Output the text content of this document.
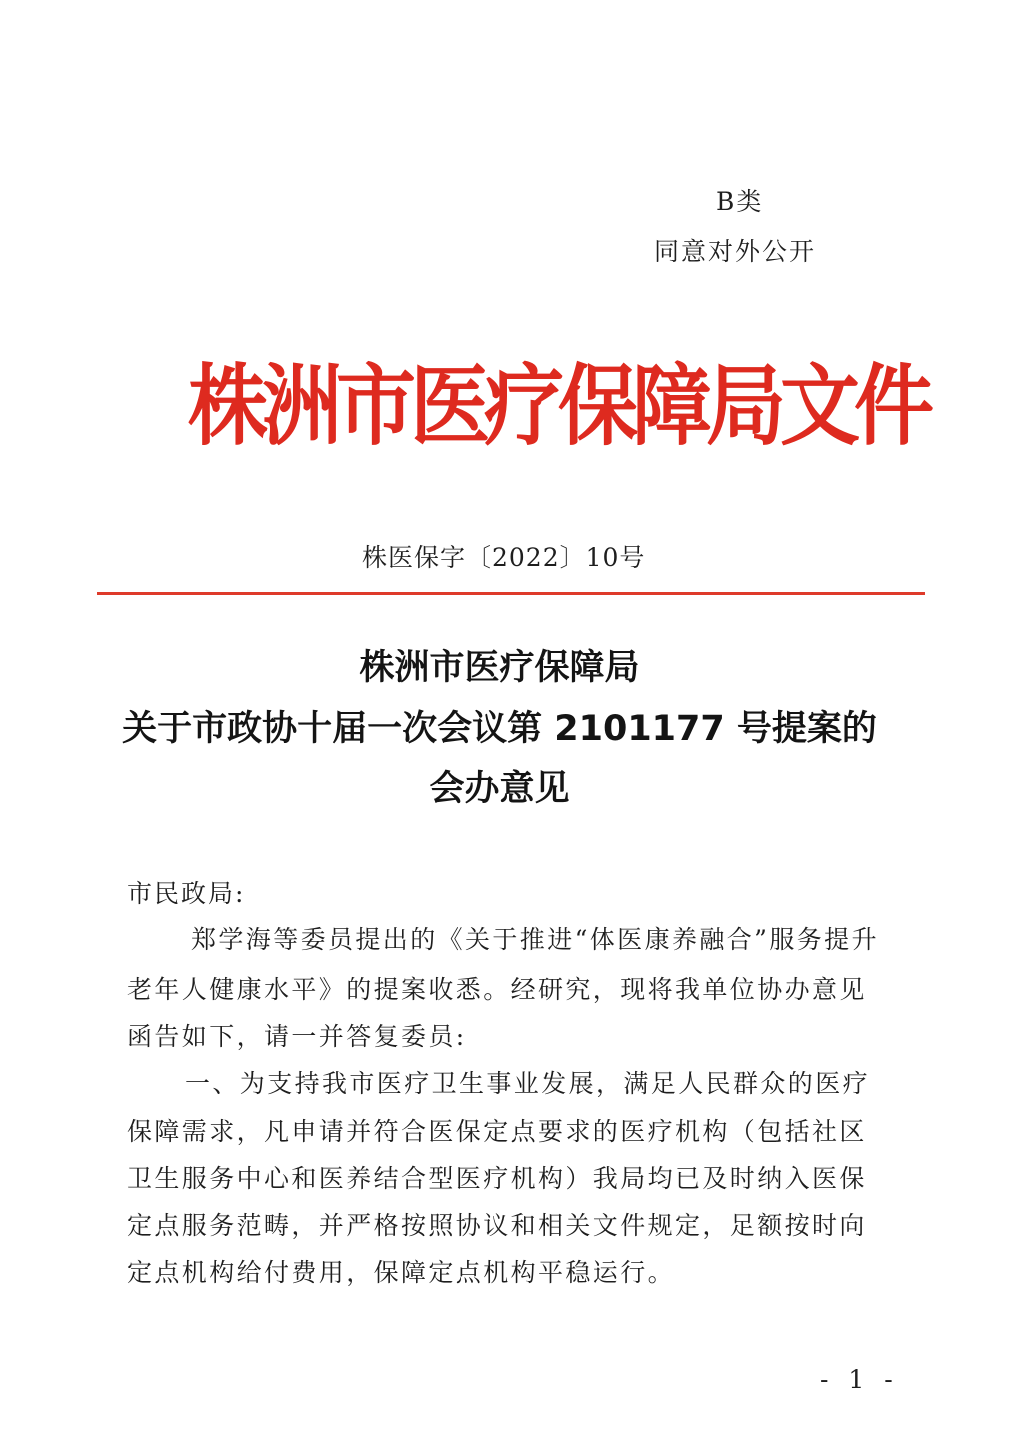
B类
同意对外公开
株洲市医疗保障局文件
株医保字〔2022〕10号
株洲市医疗保障局
关于市政协十届一次会议第 2101177 号提案的
会办意见
市民政局:
郑学海等委员提出的《关于推进“体医康养融合”服务提升
老年人健康水平》的提案收悉。经研究，现将我单位协办意见
函告如下，请一并答复委员:
一、为支持我市医疗卫生事业发展，满足人民群众的医疗
保障需求，凡申请并符合医保定点要求的医疗机构（包括社区
卫生服务中心和医养结合型医疗机构）我局均已及时纳入医保
定点服务范畴，并严格按照协议和相关文件规定，足额按时向
定点机构给付费用，保障定点机构平稳运行。
- 1 -
